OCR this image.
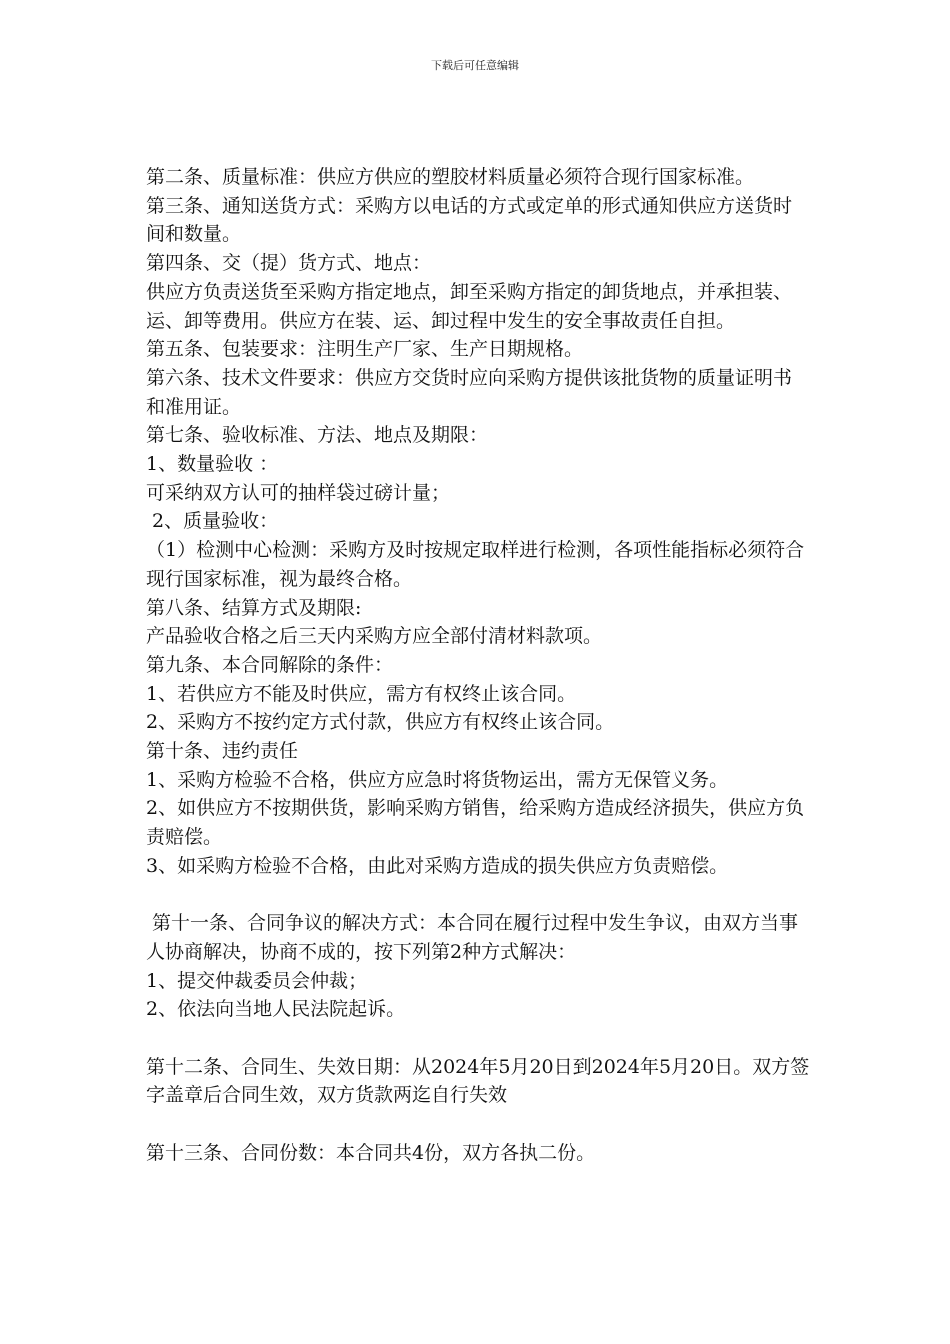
下载后可任意编辑

第二条、质量标准：供应方供应的塑胶材料质量必须符合现行国家标准。

第三条、通知送货方式：采购方以电话的方式或定单的形式通知供应方送货时间和数量。

第四条、交（提）货方式、地点：

供应方负责送货至采购方指定地点，卸至采购方指定的卸货地点，并承担装、运、卸等费用。供应方在装、运、卸过程中发生的安全事故责任自担。

第五条、包装要求：注明生产厂家、生产日期规格。

第六条、技术文件要求：供应方交货时应向采购方提供该批货物的质量证明书和准用证。

第七条、验收标准、方法、地点及期限：

1、数量验收 ：

可采纳双方认可的抽样袋过磅计量；

2、质量验收：

（1）检测中心检测：采购方及时按规定取样进行检测，各项性能指标必须符合现行国家标准，视为最终合格。

第八条、结算方式及期限:

产品验收合格之后三天内采购方应全部付清材料款项。

第九条、本合同解除的条件：

1、若供应方不能及时供应，需方有权终止该合同。

2、采购方不按约定方式付款，供应方有权终止该合同。

第十条、违约责任

1、采购方检验不合格，供应方应急时将货物运出，需方无保管义务。

2、如供应方不按期供货，影响采购方销售，给采购方造成经济损失，供应方负责赔偿。

3、如采购方检验不合格，由此对采购方造成的损失供应方负责赔偿。

第十一条、合同争议的解决方式：本合同在履行过程中发生争议，由双方当事人协商解决，协商不成的，按下列第2种方式解决：

1、提交仲裁委员会仲裁；

2、依法向当地人民法院起诉。

第十二条、合同生、失效日期：从2024年5月20日到2024年5月20日。双方签字盖章后合同生效，双方货款两迄自行失效

第十三条、合同份数：本合同共4份，双方各执二份。
